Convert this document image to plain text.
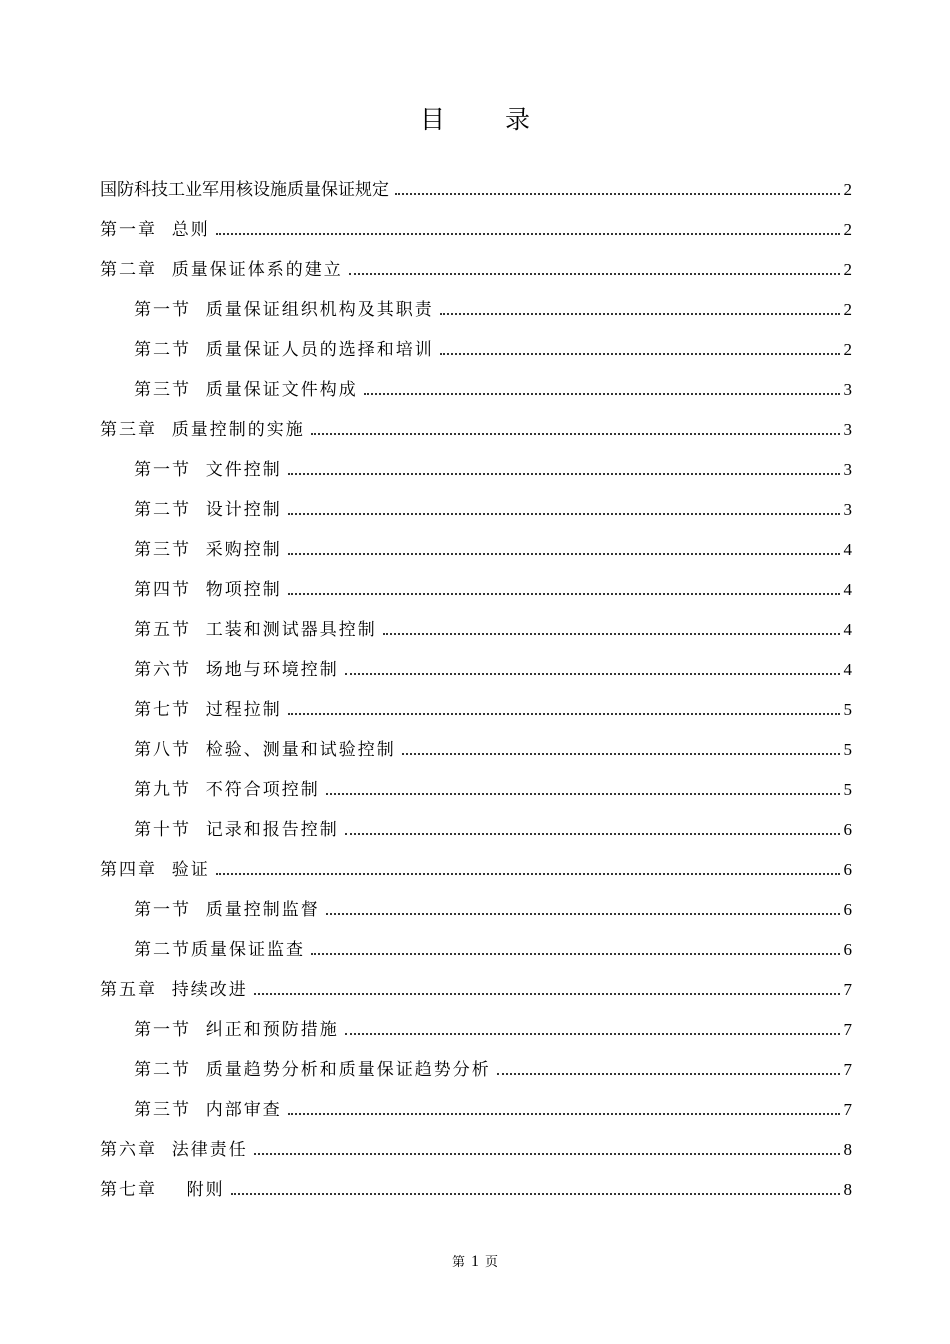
目 录
国防科技工业军用核设施质量保证规定	2
第一章  总则	2
第二章  质量保证体系的建立	2
第一节  质量保证组织机构及其职责	2
第二节  质量保证人员的选择和培训	2
第三节  质量保证文件构成	3
第三章  质量控制的实施	3
第一节  文件控制	3
第二节  设计控制	3
第三节  采购控制	4
第四节  物项控制	4
第五节  工装和测试器具控制	4
第六节  场地与环境控制	4
第七节  过程拉制	5
第八节  检验、测量和试验控制	5
第九节  不符合项控制	5
第十节  记录和报告控制	6
第四章  验证	6
第一节  质量控制监督	6
第二节质量保证监查	6
第五章  持续改进	7
第一节  纠正和预防措施	7
第二节  质量趋势分析和质量保证趋势分析	7
第三节  内部审查	7
第六章  法律责任	8
第七章    附则	8
第 1 页
